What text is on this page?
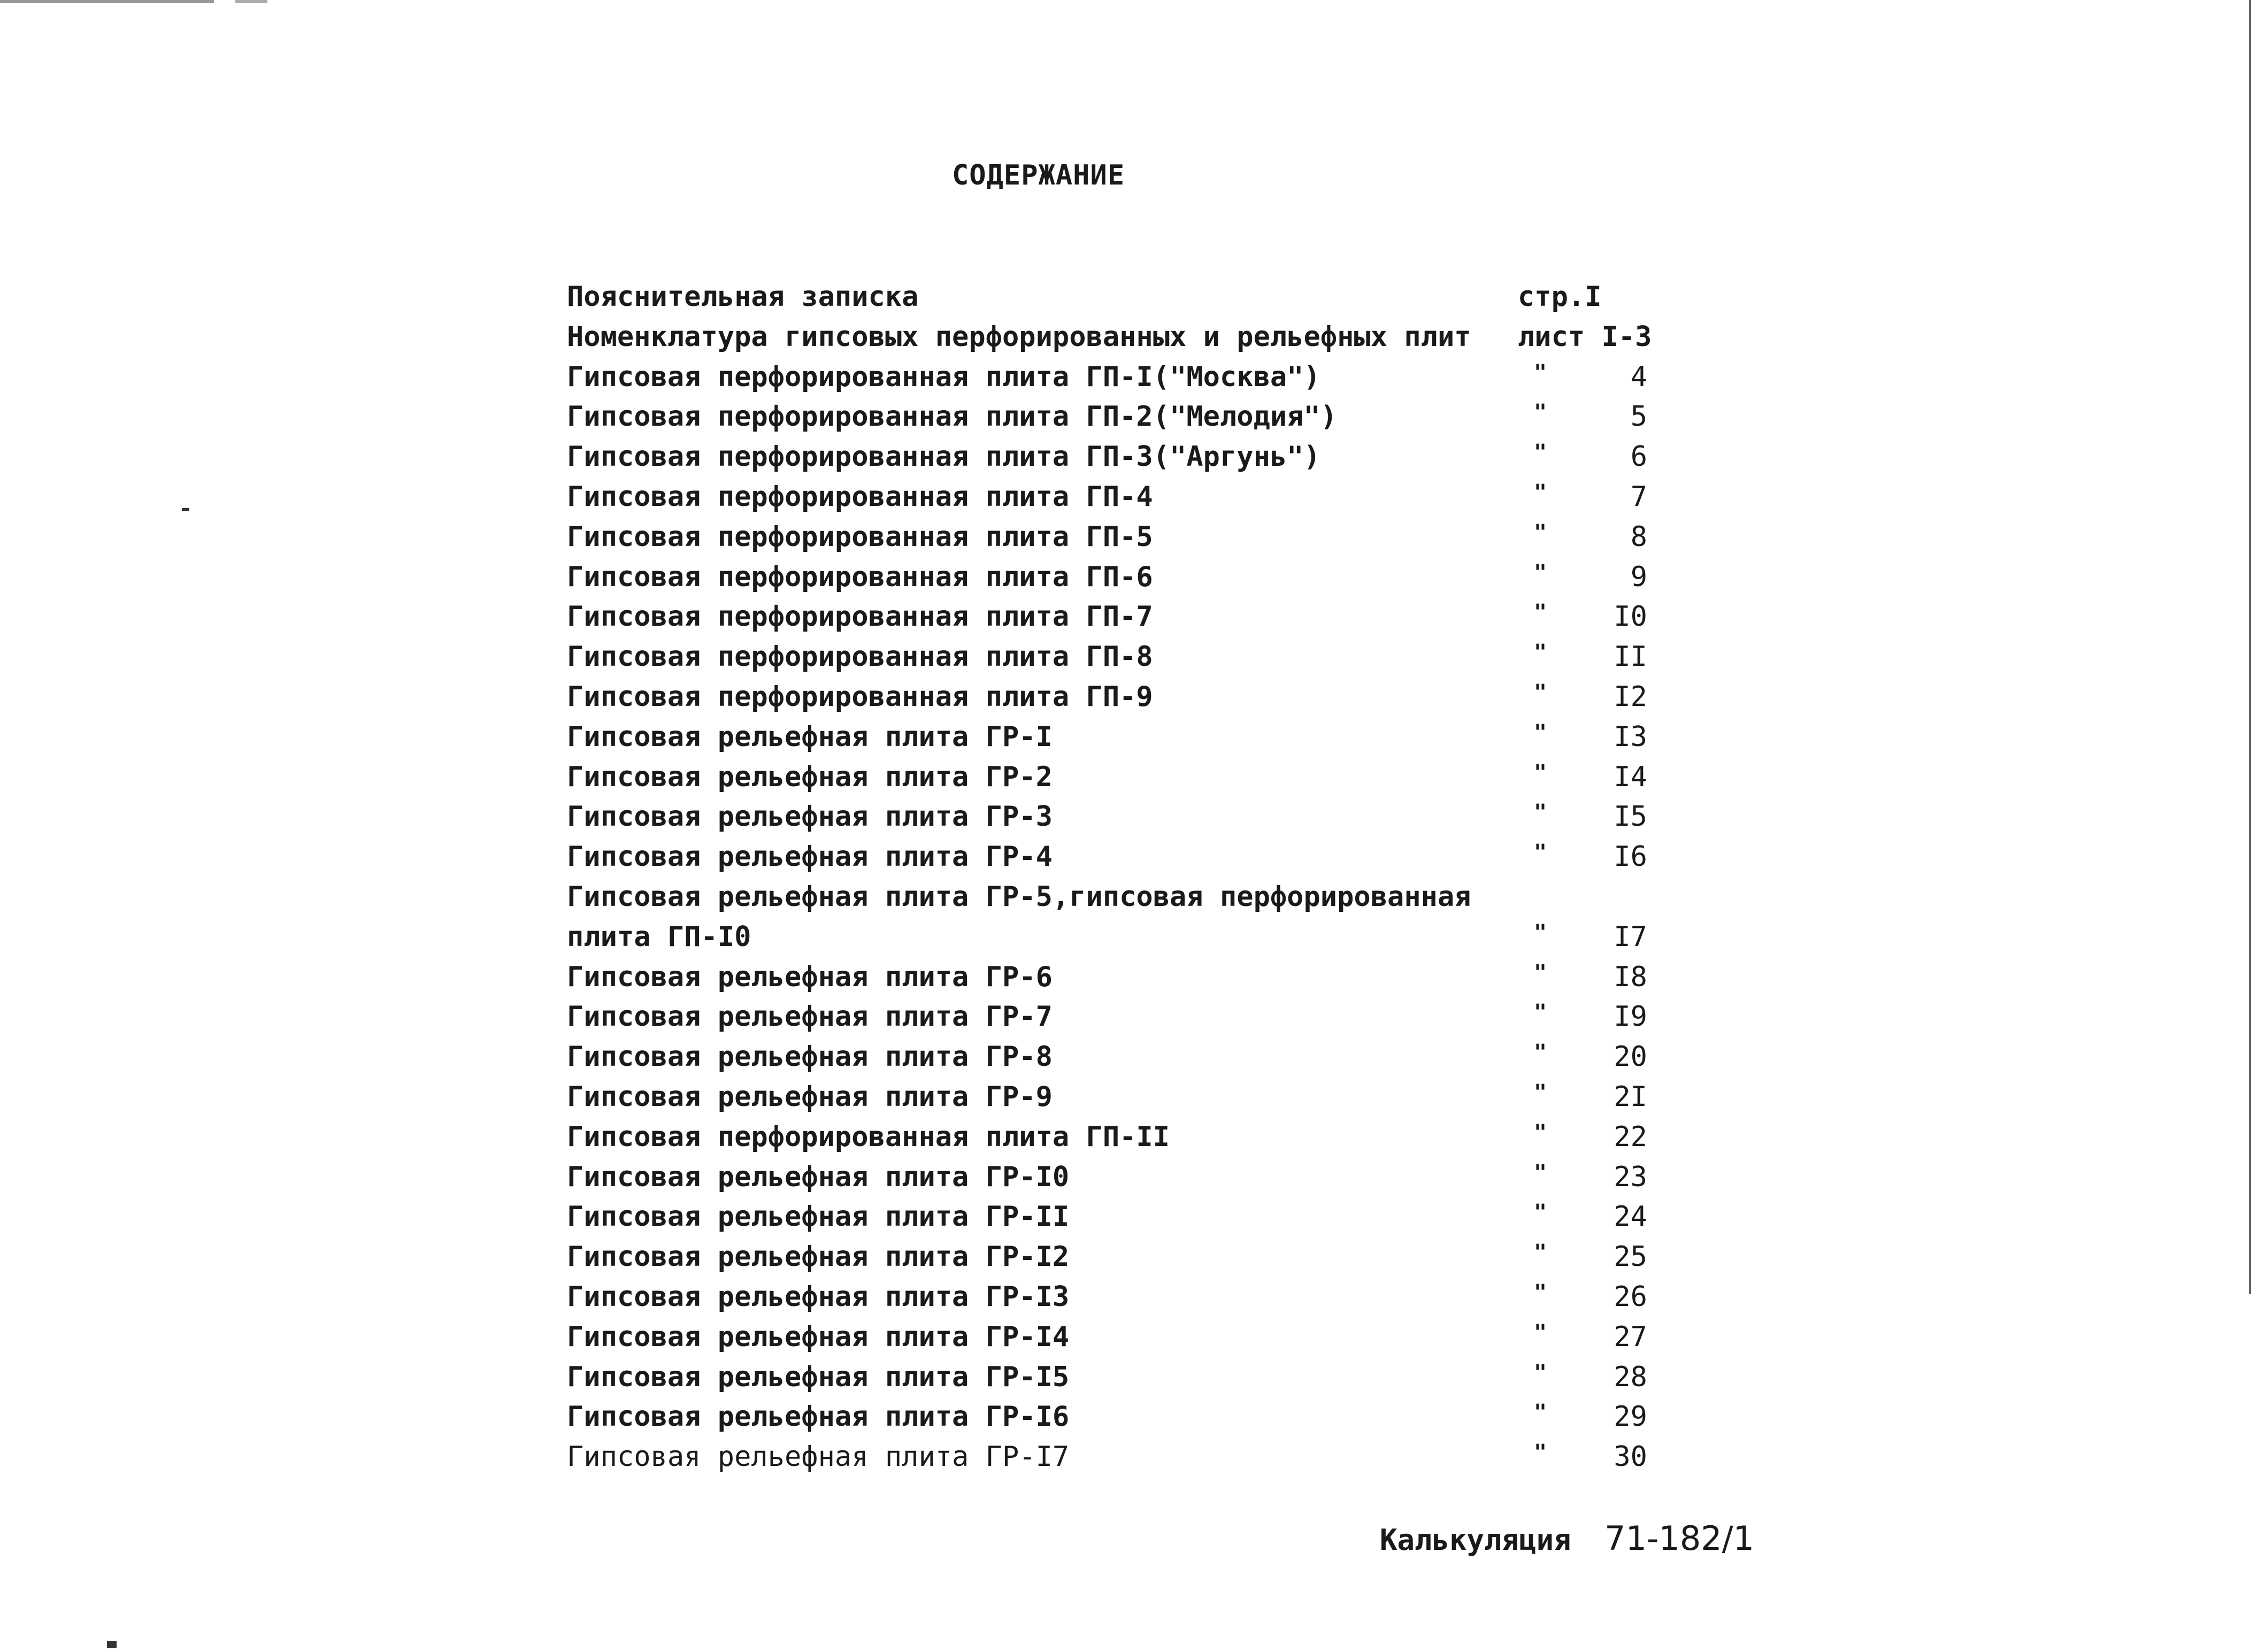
СОДЕРЖАНИЕ
Пояснительная записка	стр.I
Номенклатура гипсовых перфорированных и рельефных плит лист I-3
Гипсовая перфорированная плита ГП-I("Москва")	"	4
Гипсовая перфорированная плита ГП-2("Мелодия")	"	5
Гипсовая перфорированная плита ГП-3("Аргунь")	"	6
Гипсовая перфорированная плита ГП-4	"	7
Гипсовая перфорированная плита ГП-5	"	8
Гипсовая перфорированная плита ГП-6	"	9
Гипсовая перфорированная плита ГП-7	"	I0
Гипсовая перфорированная плита ГП-8	"	II
Гипсовая перфорированная плита ГП-9	"	I2
Гипсовая рельефная плита ГР-I	"	I3
Гипсовая рельефная плита ГР-2	"	I4
Гипсовая рельефная плита ГР-3	"	I5
Гипсовая рельефная плита ГР-4	"	I6
Гипсовая рельефная плита ГР-5,гипсовая перфорированная
плита ГП-I0	"	I7
Гипсовая рельефная плита ГР-6	"	I8
Гипсовая рельефная плита ГР-7	"	I9
Гипсовая рельефная плита ГР-8	"	20
Гипсовая рельефная плита ГР-9	"	2I
Гипсовая перфорированная плита ГП-II	"	22
Гипсовая рельефная плита ГР-I0	"	23
Гипсовая рельефная плита ГР-II	"	24
Гипсовая рельефная плита ГР-I2	"	25
Гипсовая рельефная плита ГР-I3	"	26
Гипсовая рельефная плита ГР-I4	"	27
Гипсовая рельефная плита ГР-I5	"	28
Гипсовая рельефная плита ГР-I6	"	29
Гипсовая рельефная плита ГР-I7	"	30
Калькуляция 71-182/1
